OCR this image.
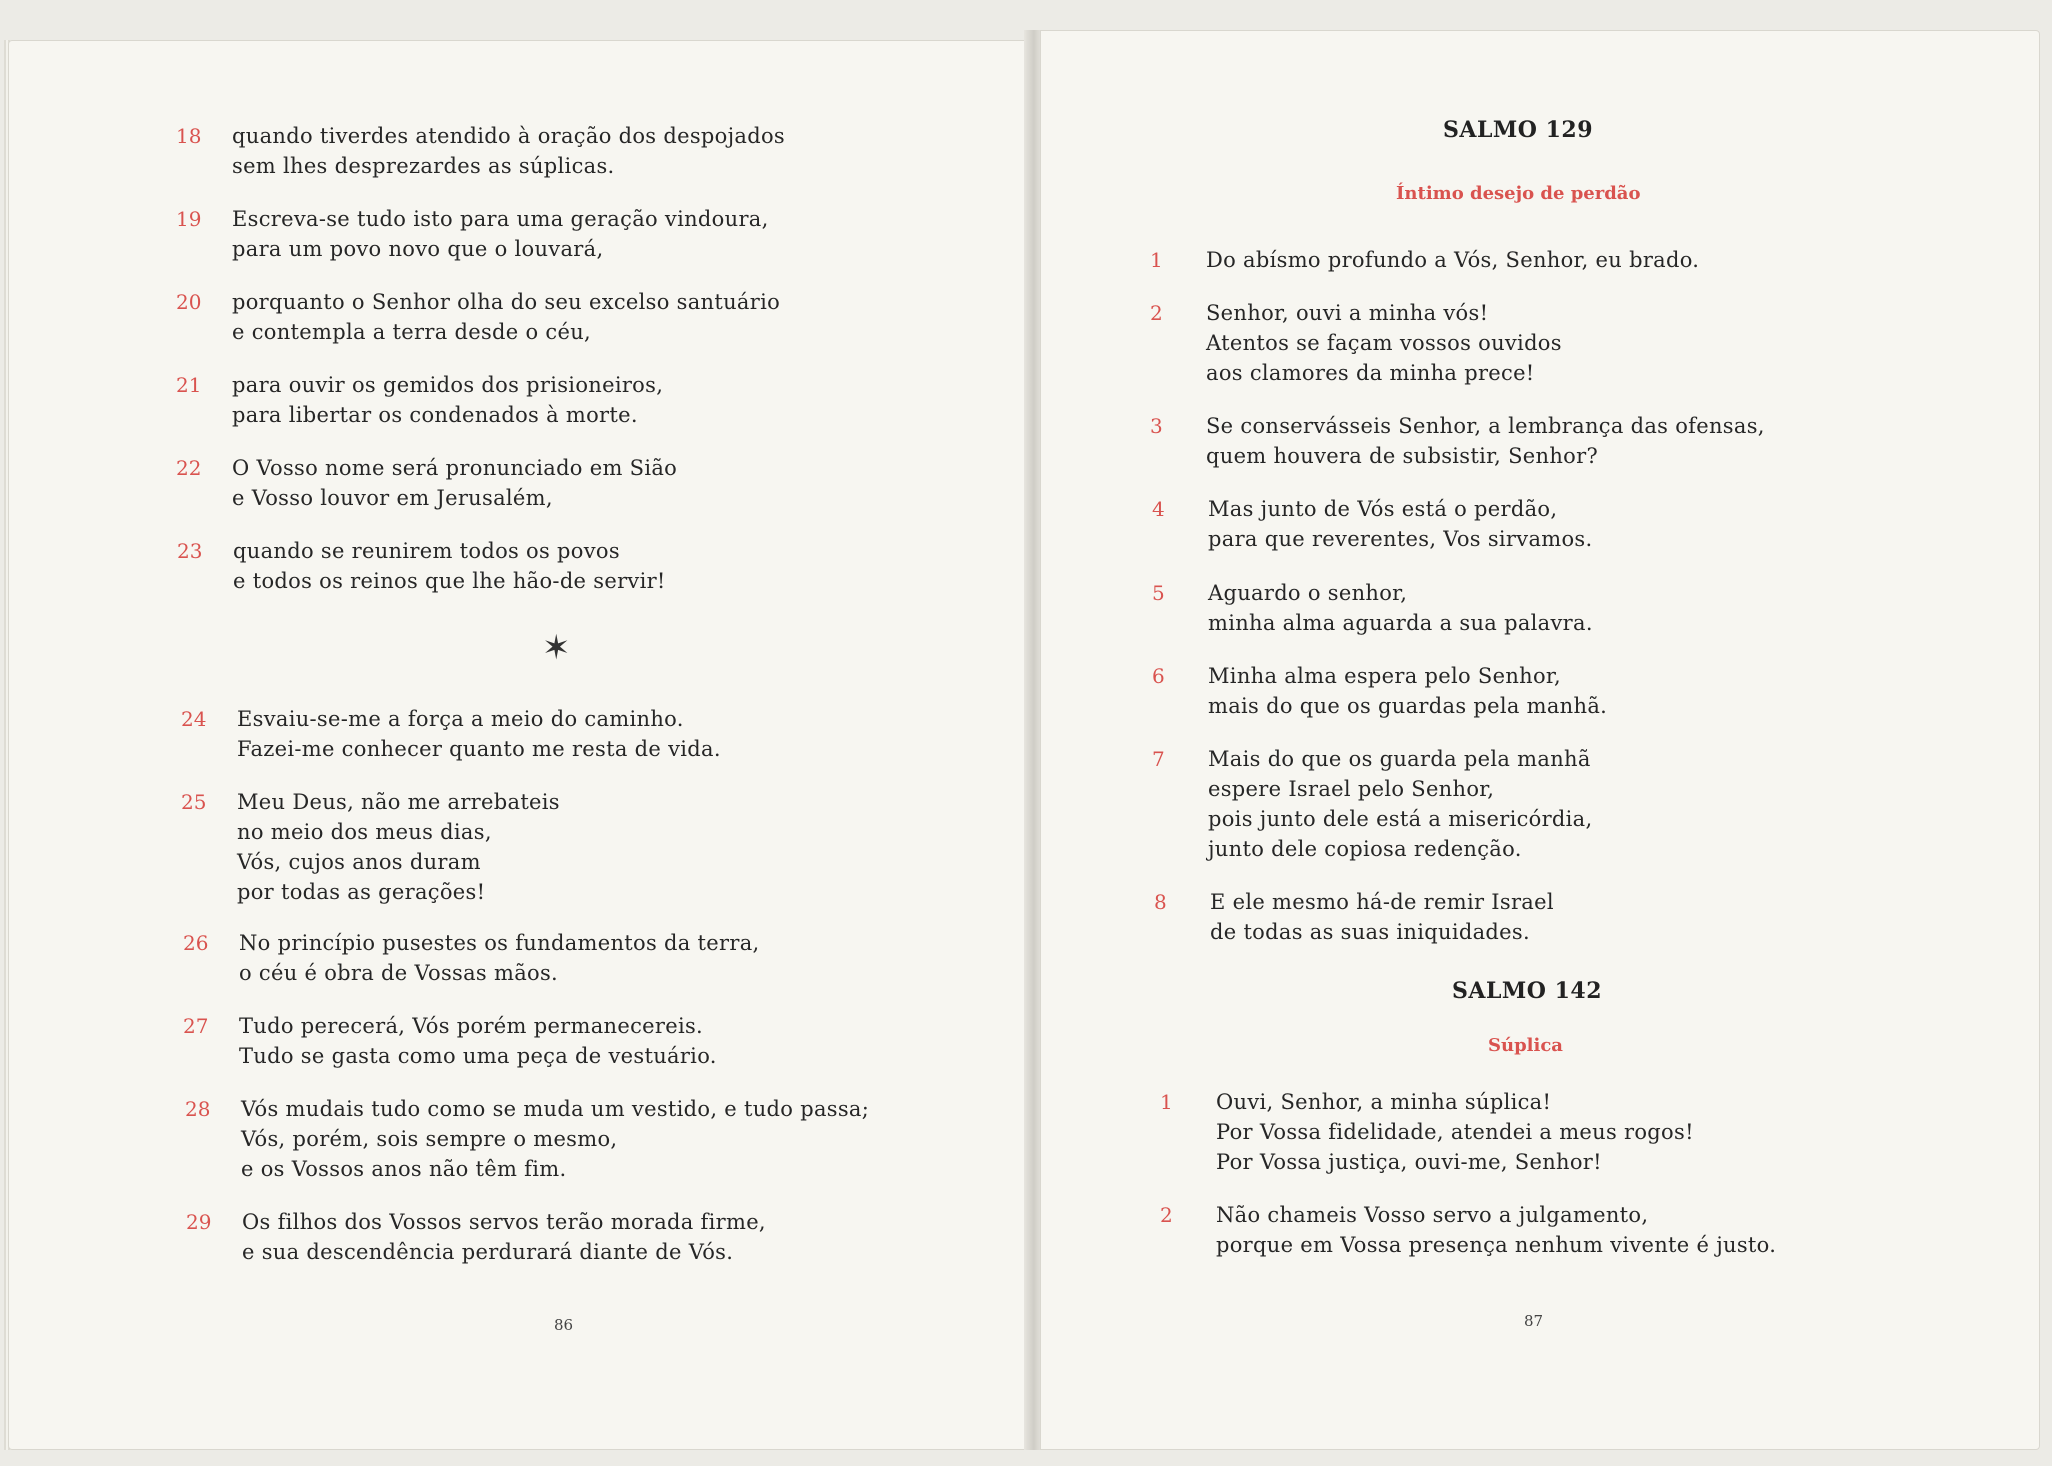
18	quando tiverdes atendido à oração dos despojados
sem lhes desprezardes as súplicas.
19	Escreva-se tudo isto para uma geração vindoura,
para um povo novo que o louvará,
20	porquanto o Senhor olha do seu excelso santuário
e contempla a terra desde o céu,
21	para ouvir os gemidos dos prisioneiros,
para libertar os condenados à morte.
22	O Vosso nome será pronunciado em Sião
e Vosso louvor em Jerusalém,
23	quando se reunirem todos os povos
e todos os reinos que lhe hão-de servir!
24	Esvaiu-se-me a força a meio do caminho.
Fazei-me conhecer quanto me resta de vida.
25	Meu Deus, não me arrebateis
no meio dos meus dias,
Vós, cujos anos duram
por todas as gerações!
26	No princípio pusestes os fundamentos da terra,
o céu é obra de Vossas mãos.
27	Tudo perecerá, Vós porém permanecereis.
Tudo se gasta como uma peça de vestuário.
28	Vós mudais tudo como se muda um vestido, e tudo passa;
Vós, porém, sois sempre o mesmo,
e os Vossos anos não têm fim.
29	Os filhos dos Vossos servos terão morada firme,
e sua descendência perdurará diante de Vós.
✶
86
SALMO 129
Íntimo desejo de perdão
1	Do abísmo profundo a Vós, Senhor, eu brado.
2	Senhor, ouvi a minha vós!
Atentos se façam vossos ouvidos
aos clamores da minha prece!
3	Se conservásseis Senhor, a lembrança das ofensas,
quem houvera de subsistir, Senhor?
4	Mas junto de Vós está o perdão,
para que reverentes, Vos sirvamos.
5	Aguardo o senhor,
minha alma aguarda a sua palavra.
6	Minha alma espera pelo Senhor,
mais do que os guardas pela manhã.
7	Mais do que os guarda pela manhã
espere Israel pelo Senhor,
pois junto dele está a misericórdia,
junto dele copiosa redenção.
8	E ele mesmo há-de remir Israel
de todas as suas iniquidades.
SALMO 142
Súplica
1	Ouvi, Senhor, a minha súplica!
Por Vossa fidelidade, atendei a meus rogos!
Por Vossa justiça, ouvi-me, Senhor!
2	Não chameis Vosso servo a julgamento,
porque em Vossa presença nenhum vivente é justo.
87
